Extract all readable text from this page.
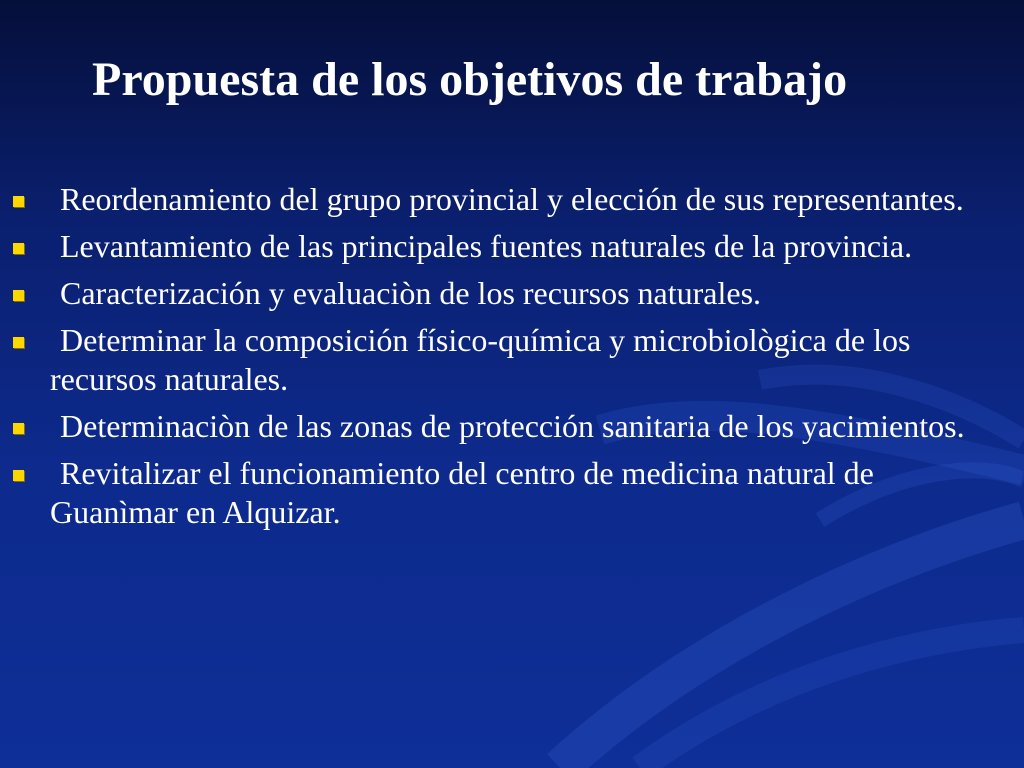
Propuesta de los objetivos de trabajo
Reordenamiento del grupo provincial y elección de sus representantes.
Levantamiento de las principales fuentes naturales de la provincia.
Caracterización y evaluaciòn de los recursos naturales.
Determinar la composición físico-química y microbiològica de los recursos naturales.
Determinaciòn de las zonas de protección sanitaria de los yacimientos.
Revitalizar el funcionamiento del centro de medicina natural de Guanìmar en Alquizar.
